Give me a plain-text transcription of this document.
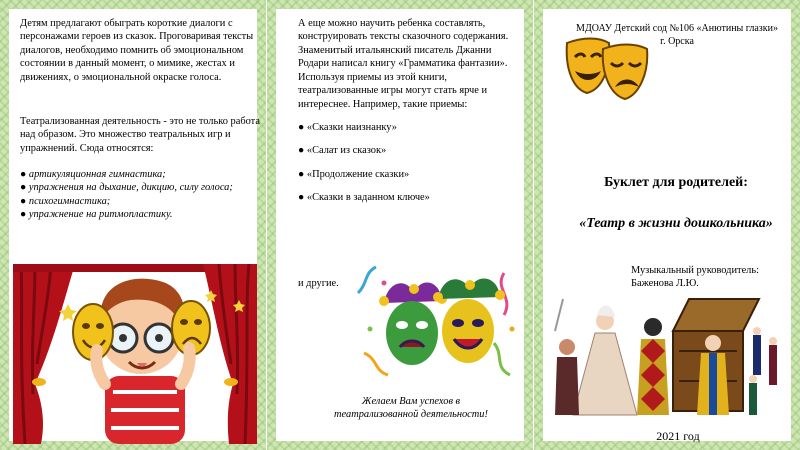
Детям предлагают обыграть короткие диалоги с персонажами героев из сказок. Проговаривая тексты диалогов, необходимо помнить об эмоциональном состоянии в данный момент, о мимике, жестах и движениях, о эмоциональной окраске голоса.
Театрализованная деятельность - это не только работа над образом. Это множество театральных игр и упражнений. Сюда относятся:
● артикуляционная гимнастика;
● упражнения на дыхание, дикцию, силу голоса;
● психогимнастика;
● упражнение на ритмопластику.

А еще можно научить ребенка составлять, конструировать тексты сказочного содержания.

Знаменитый итальянский писатель Джанни Родари написал книгу «Грамматика фантазии». Используя приемы из этой книги, театрализованные игры могут стать ярче и интереснее. Например, такие приемы:

● «Сказки наизнанку»
● «Салат из сказок»
● «Продолжение сказки»
● «Сказки в заданном ключе»
и другие.
Желаем Вам успехов в
театрализованной деятельности!
МДОАУ Детский сод №106 «Анютины глазки»
г. Орска
Буклет для родителей:
«Театр в жизни дошкольника»
Музыкальный руководитель:
Баженова Л.Ю.
2021 год
